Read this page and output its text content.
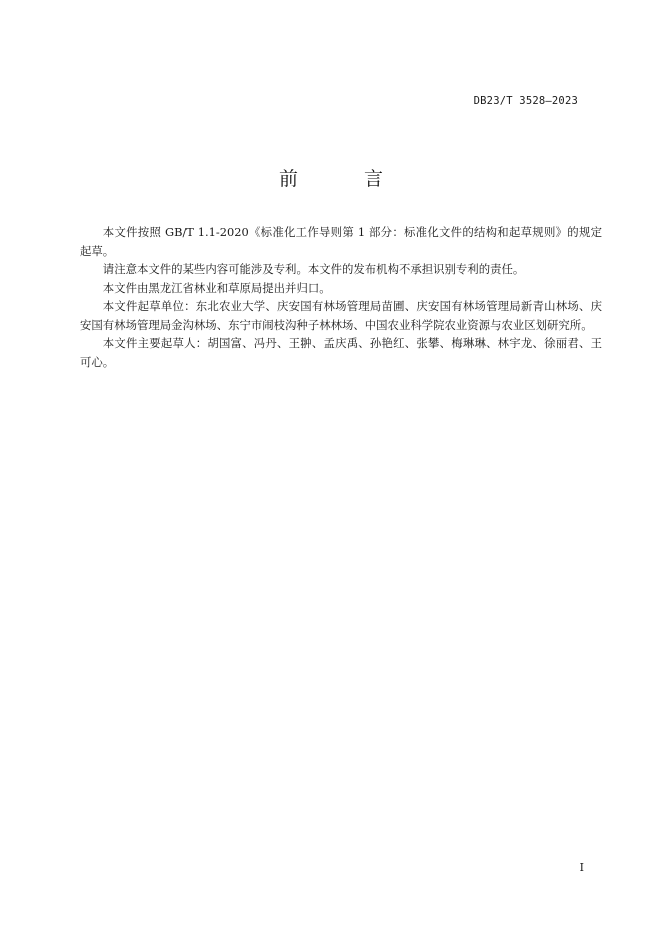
DB23/T 3528—2023
前 言

本文件按照 GB/T 1.1-2020《标准化工作导则第 1 部分：标准化文件的结构和起草规则》的规定起草。

请注意本文件的某些内容可能涉及专利。本文件的发布机构不承担识别专利的责任。

本文件由黑龙江省林业和草原局提出并归口。

本文件起草单位：东北农业大学、庆安国有林场管理局苗圃、庆安国有林场管理局新青山林场、庆安国有林场管理局金沟林场、东宁市闹枝沟种子林林场、中国农业科学院农业资源与农业区划研究所。

本文件主要起草人：胡国富、冯丹、王翀、孟庆禹、孙艳红、张攀、梅琳琳、林宇龙、徐丽君、王可心。

I
